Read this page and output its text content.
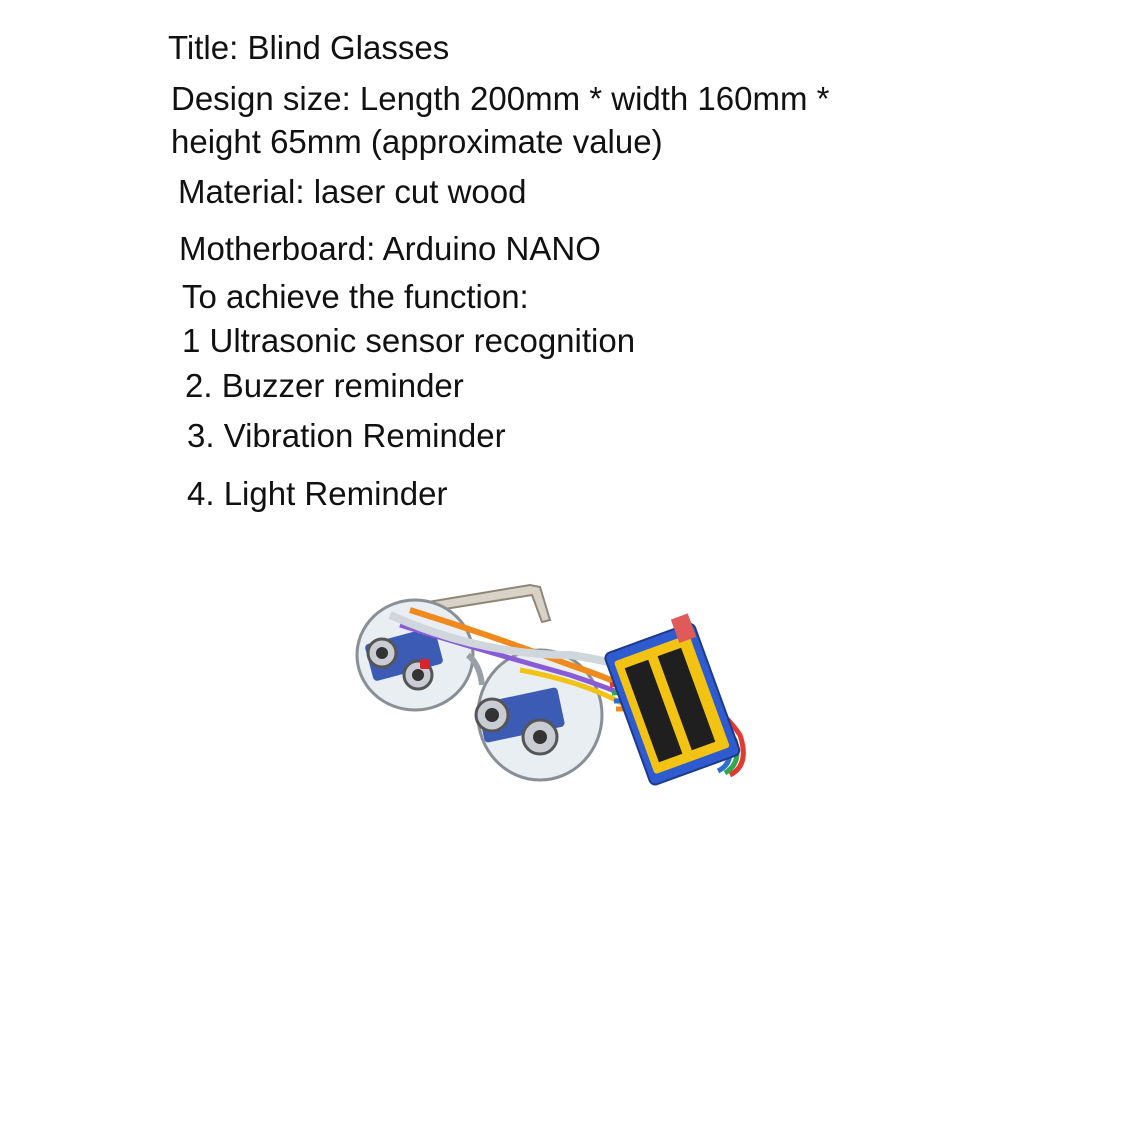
Title: Blind Glasses
Design size: Length 200mm * width 160mm *
height 65mm (approximate value)
Material: laser cut wood
Motherboard: Arduino NANO
To achieve the function:
1 Ultrasonic sensor recognition
2. Buzzer reminder
3. Vibration Reminder
4. Light Reminder
